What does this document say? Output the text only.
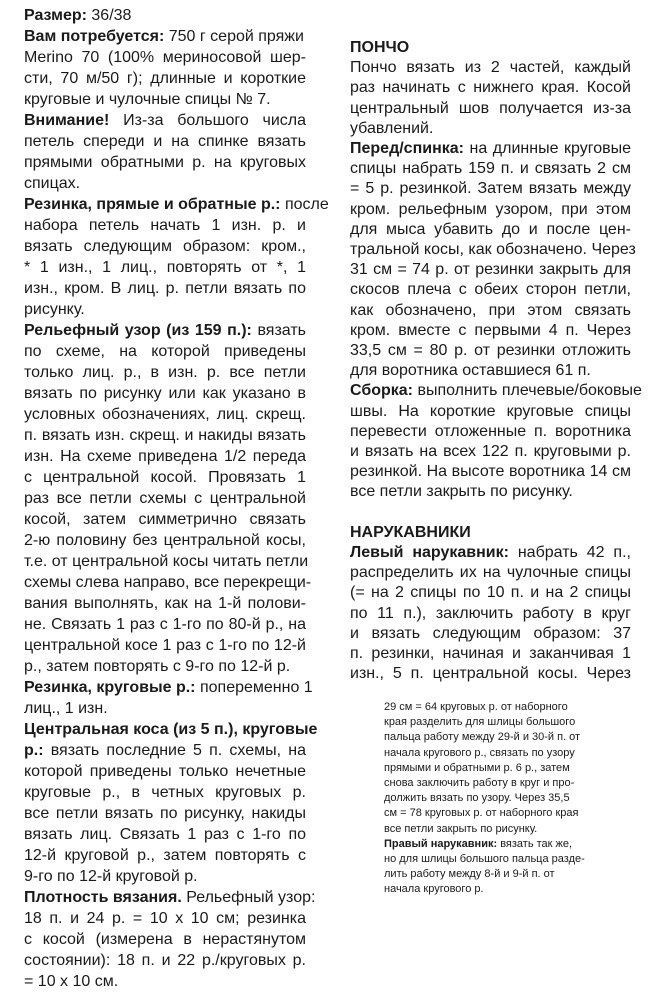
Размер: 36/38
Вам потребуется: 750 г серой пряжи
Merino 70 (100% мериносовой шер-
сти, 70 м/50 г); длинные и короткие
круговые и чулочные спицы № 7.
Внимание! Из-за большого числа
петель спереди и на спинке вязать
прямыми обратными р. на круговых
спицах.
Резинка, прямые и обратные р.: после
набора петель начать 1 изн. р. и
вязать следующим образом: кром.,
* 1 изн., 1 лиц., повторять от *, 1
изн., кром. В лиц. р. петли вязать по
рисунку.
Рельефный узор (из 159 п.): вязать
по схеме, на которой приведены
только лиц. р., в изн. р. все петли
вязать по рисунку или как указано в
условных обозначениях, лиц. скрещ.
п. вязать изн. скрещ. и накиды вязать
изн. На схеме приведена 1/2 переда
с центральной косой. Провязать 1
раз все петли схемы с центральной
косой, затем симметрично связать
2-ю половину без центральной косы,
т.е. от центральной косы читать петли
схемы слева направо, все перекрещи-
вания выполнять, как на 1-й полови-
не. Связать 1 раз с 1-го по 80-й р., на
центральной косе 1 раз с 1-го по 12-й
р., затем повторять с 9-го по 12-й р.
Резинка, круговые р.: попеременно 1
лиц., 1 изн.
Центральная коса (из 5 п.), круговые
р.: вязать последние 5 п. схемы, на
которой приведены только нечетные
круговые р., в четных круговых р.
все петли вязать по рисунку, накиды
вязать лиц. Связать 1 раз с 1-го по
12-й круговой р., затем повторять с
9-го по 12-й круговой р.
Плотность вязания. Рельефный узор:
18 п. и 24 р. = 10 х 10 см; резинка
с косой (измерена в нерастянутом
состоянии): 18 п. и 22 р./круговых р.
= 10 х 10 см.
ПОНЧО
Пончо вязать из 2 частей, каждый
раз начинать с нижнего края. Косой
центральный шов получается из-за
убавлений.
Перед/спинка: на длинные круговые
спицы набрать 159 п. и связать 2 см
= 5 р. резинкой. Затем вязать между
кром. рельефным узором, при этом
для мыса убавить до и после цен-
тральной косы, как обозначено. Через
31 см = 74 р. от резинки закрыть для
скосов плеча с обеих сторон петли,
как обозначено, при этом связать
кром. вместе с первыми 4 п. Через
33,5 см = 80 р. от резинки отложить
для воротника оставшиеся 61 п.
Сборка: выполнить плечевые/боковые
швы. На короткие круговые спицы
перевести отложенные п. воротника
и вязать на всех 122 п. круговыми р.
резинкой. На высоте воротника 14 см
все петли закрыть по рисунку.
НАРУКАВНИКИ
Левый нарукавник: набрать 42 п.,
распределить их на чулочные спицы
(= на 2 спицы по 10 п. и на 2 спицы
по 11 п.), заключить работу в круг
и вязать следующим образом: 37
п. резинки, начиная и заканчивая 1
изн., 5 п. центральной косы. Через
29 см = 64 круговых р. от наборного
края разделить для шлицы большого
пальца работу между 29-й и 30-й п. от
начала кругового р., связать по узору
прямыми и обратными р. 6 р., затем
снова заключить работу в круг и про-
должить вязать по узору. Через 35,5
см = 78 круговых р. от наборного края
все петли закрыть по рисунку.
Правый нарукавник: вязать так же,
но для шлицы большого пальца разде-
лить работу между 8-й и 9-й п. от
начала кругового р.
